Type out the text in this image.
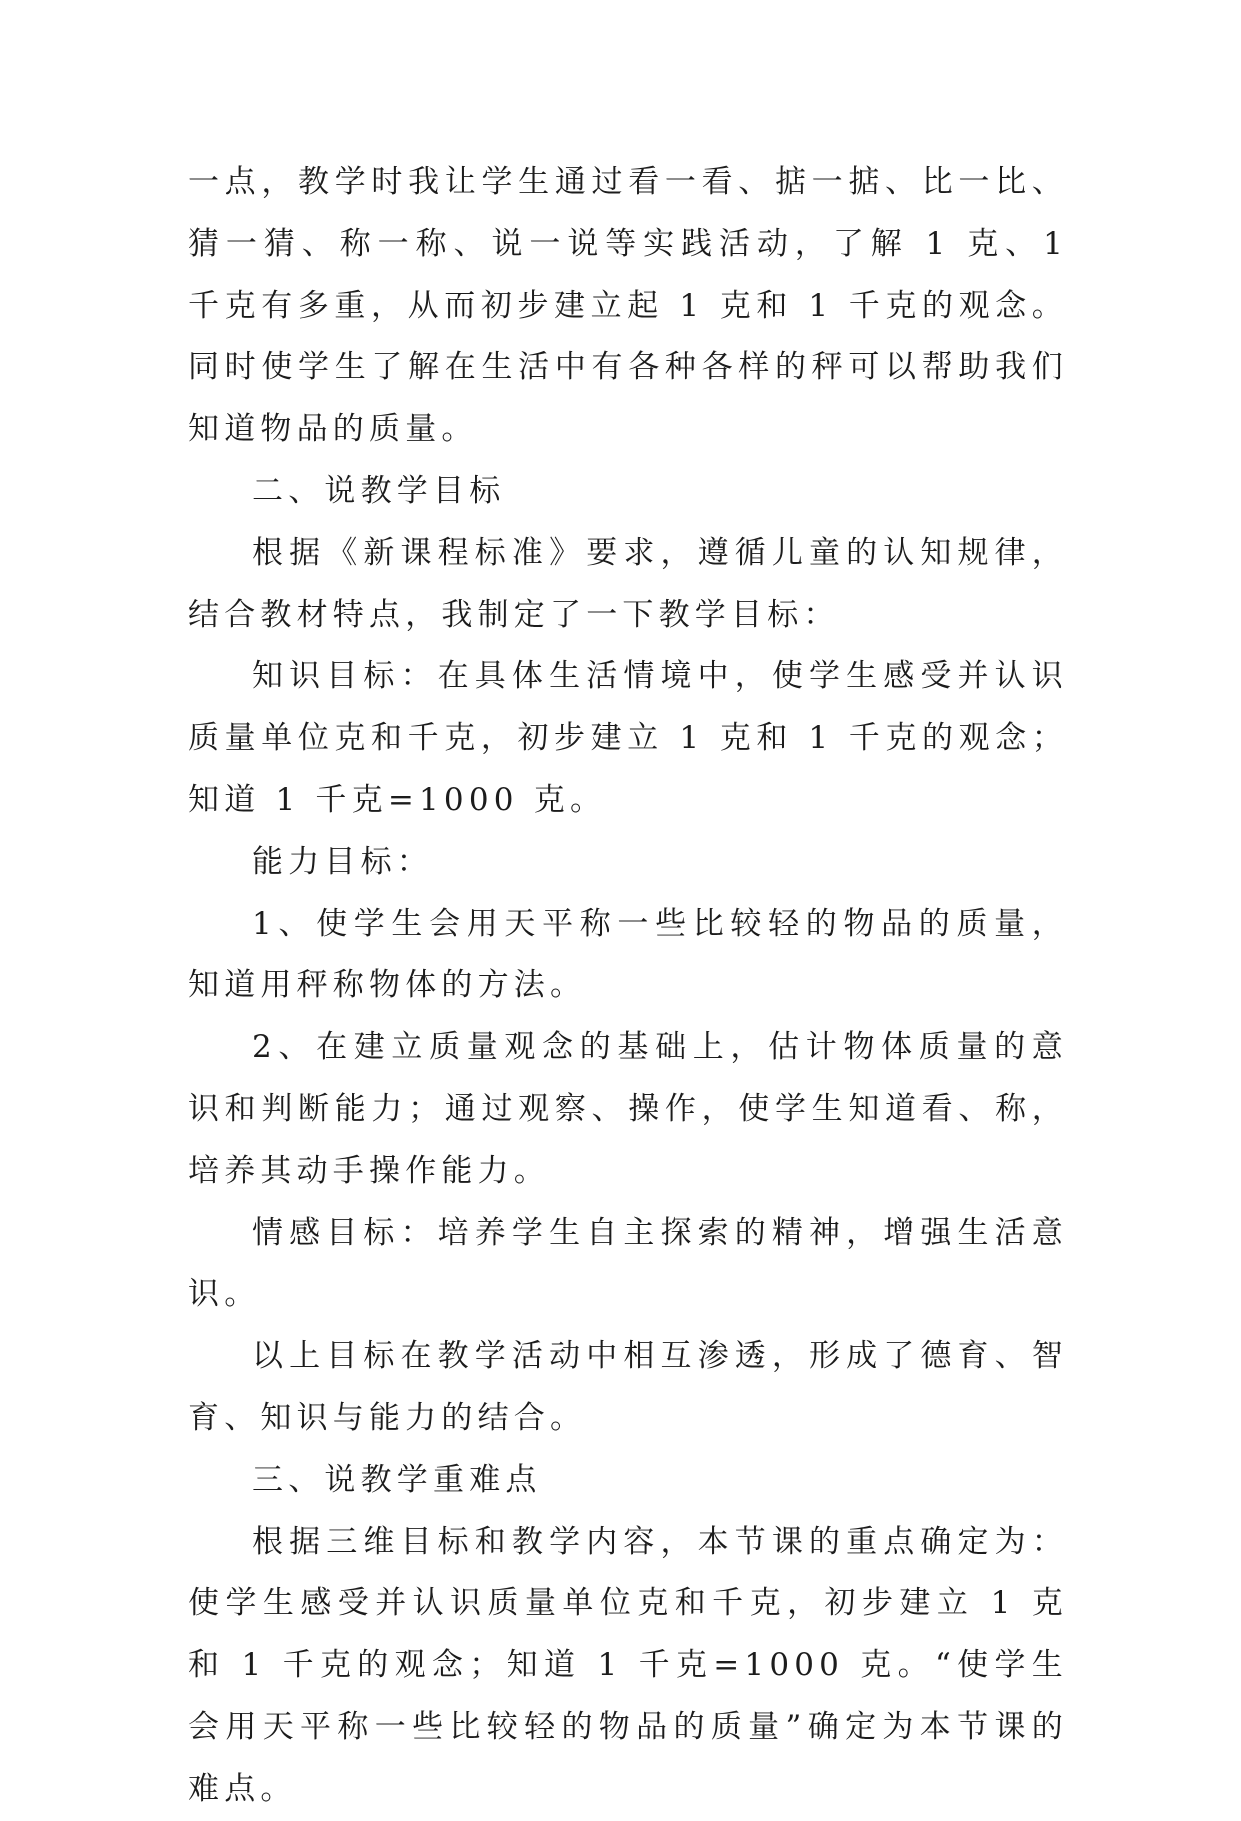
一点，教学时我让学生通过看一看、掂一掂、比一比、猜一猜、称一称、说一说等实践活动，了解 1 克、1 千克有多重，从而初步建立起 1 克和 1 千克的观念。同时使学生了解在生活中有各种各样的秤可以帮助我们知道物品的质量。

二、说教学目标

根据《新课程标准》要求，遵循儿童的认知规律，结合教材特点，我制定了一下教学目标：

知识目标：在具体生活情境中，使学生感受并认识质量单位克和千克，初步建立 1 克和 1 千克的观念；知道 1 千克=1000 克。

能力目标：

1、使学生会用天平称一些比较轻的物品的质量，知道用秤称物体的方法。

2、在建立质量观念的基础上，估计物体质量的意识和判断能力；通过观察、操作，使学生知道看、称，培养其动手操作能力。

情感目标：培养学生自主探索的精神，增强生活意识。

以上目标在教学活动中相互渗透，形成了德育、智育、知识与能力的结合。

三、说教学重难点

根据三维目标和教学内容，本节课的重点确定为：使学生感受并认识质量单位克和千克，初步建立 1 克和 1 千克的观念；知道 1 千克=1000 克。“使学生会用天平称一些比较轻的物品的质量”确定为本节课的难点。
